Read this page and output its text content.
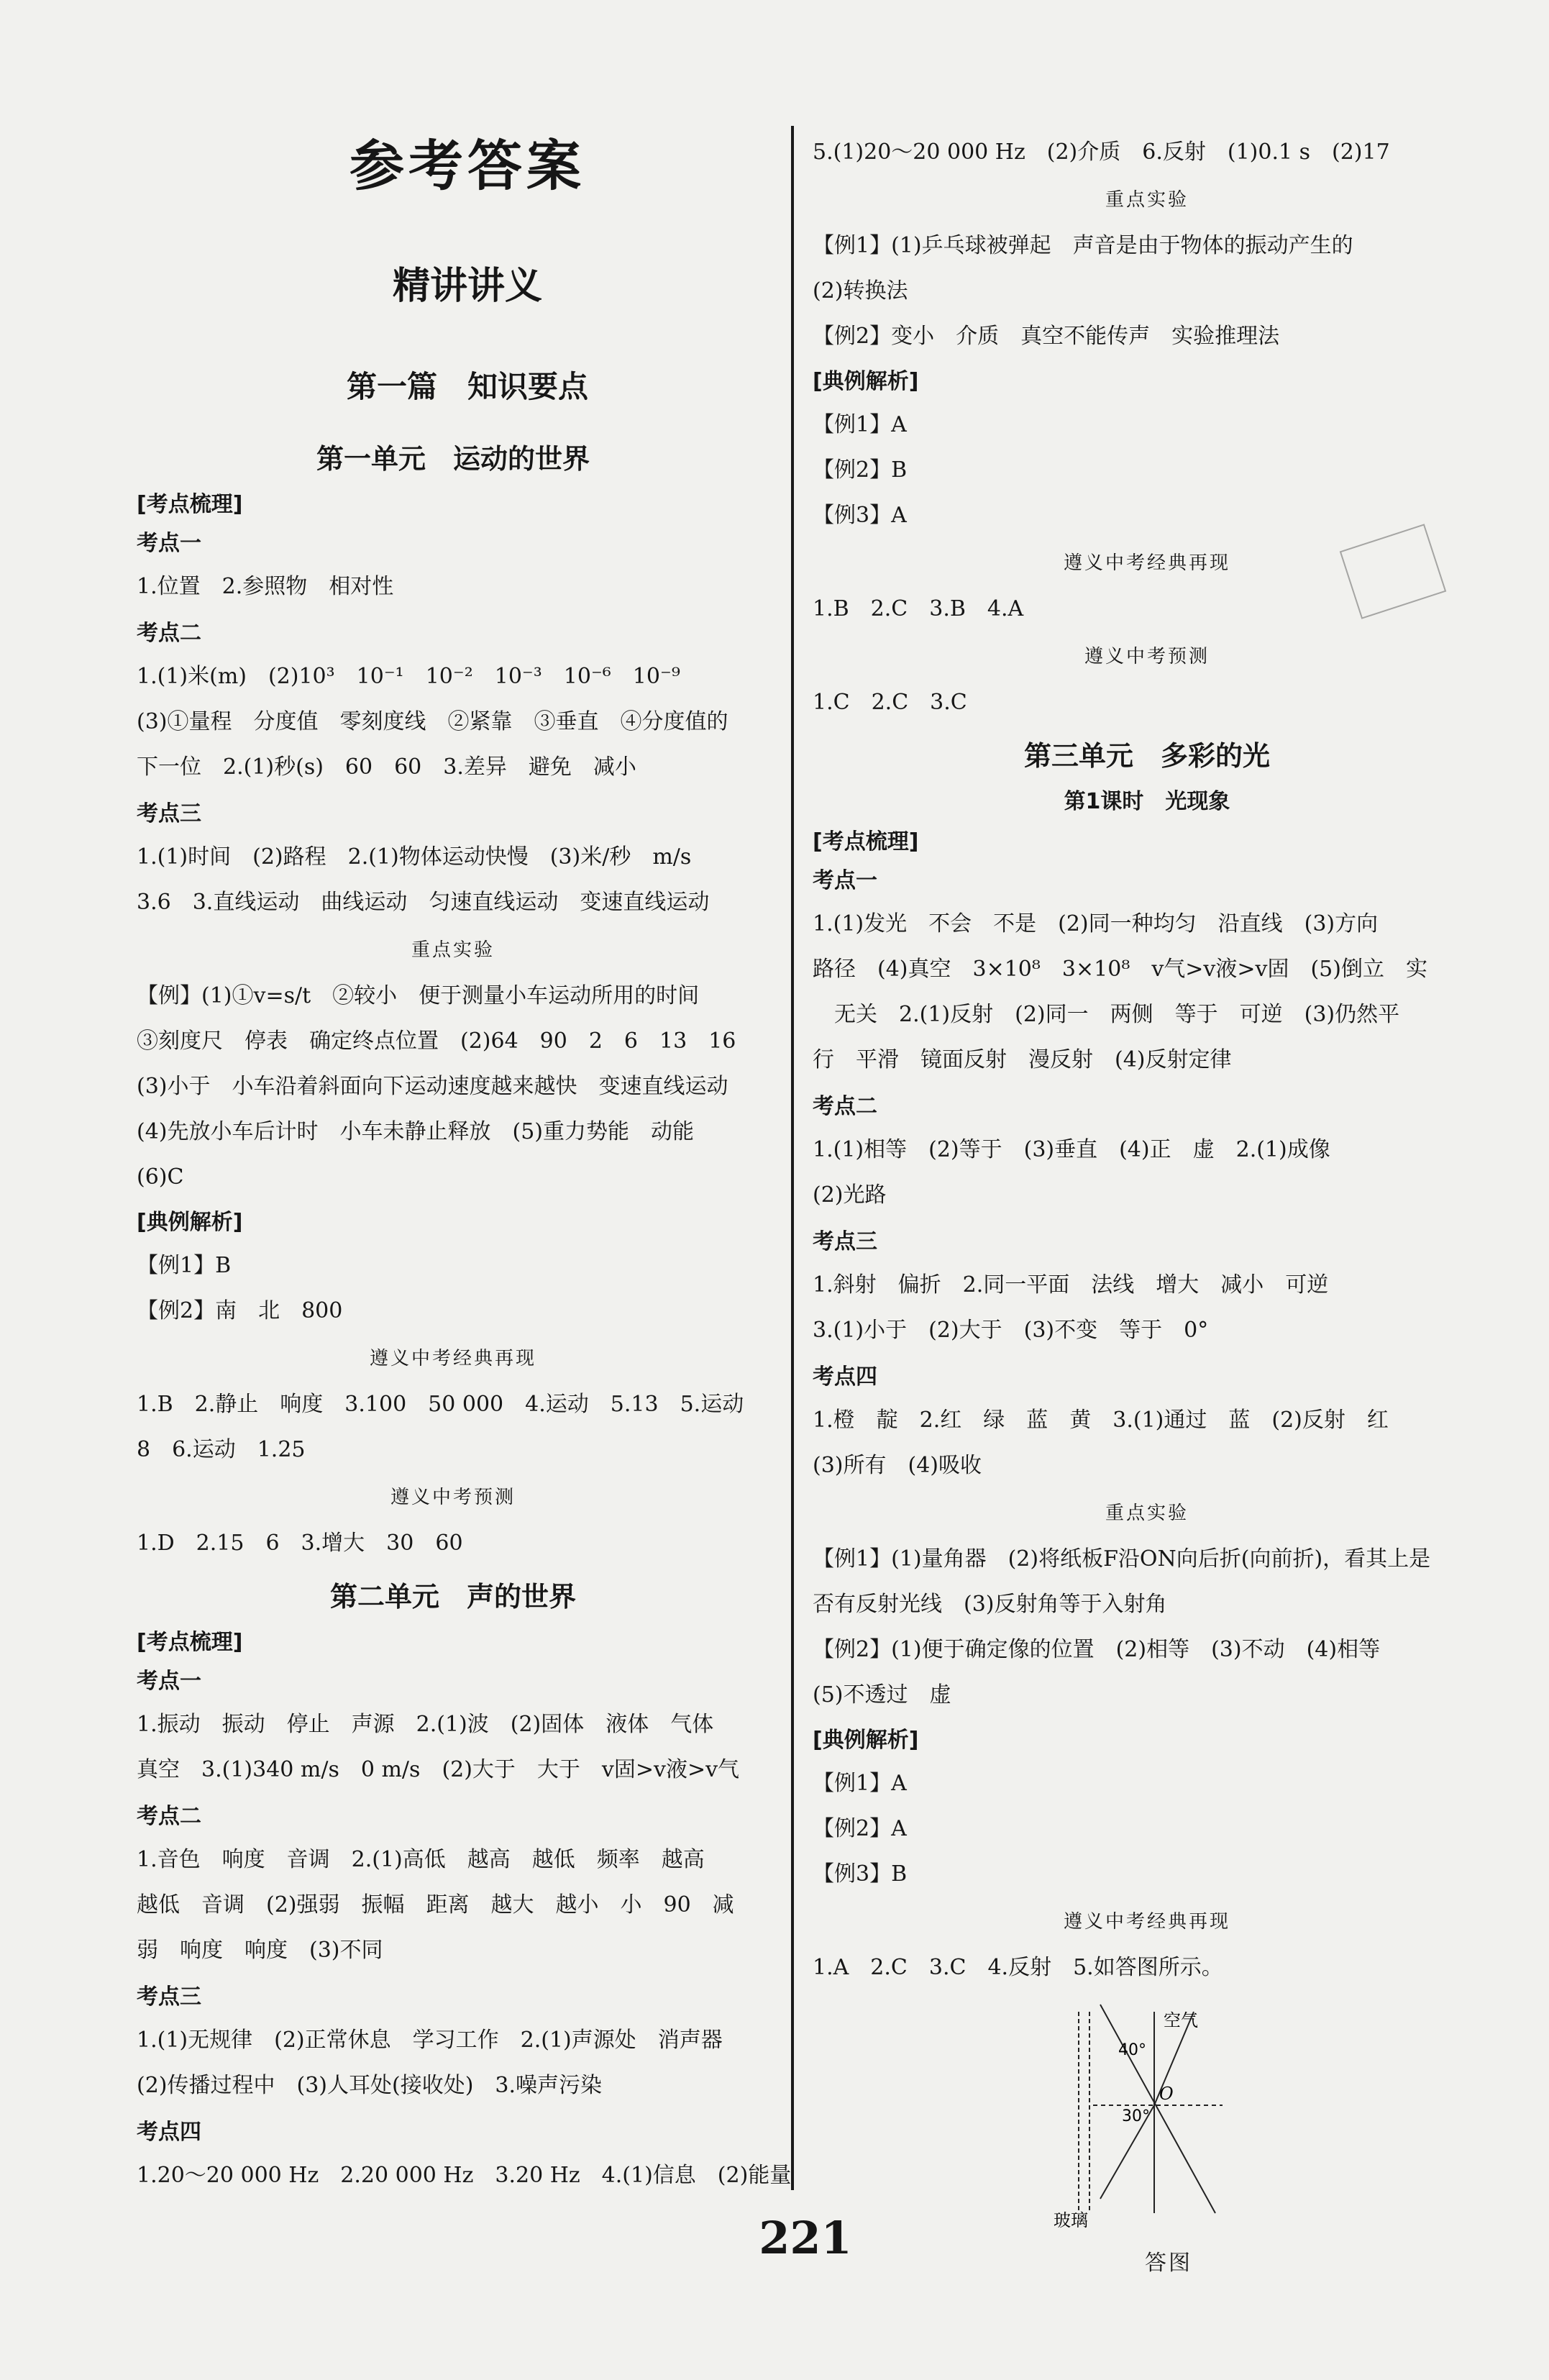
参考答案
精讲讲义
第一篇　知识要点
第一单元　运动的世界
[考点梳理]
考点一
1.位置　2.参照物　相对性
考点二
1.(1)米(m)　(2)10³　10⁻¹　10⁻²　10⁻³　10⁻⁶　10⁻⁹
(3)①量程　分度值　零刻度线　②紧靠　③垂直　④分度值的
下一位　2.(1)秒(s)　60　60　3.差异　避免　减小
考点三
1.(1)时间　(2)路程　2.(1)物体运动快慢　(3)米/秒　m/s
3.6　3.直线运动　曲线运动　匀速直线运动　变速直线运动
重点实验
【例】(1)①v=s/t　②较小　便于测量小车运动所用的时间
③刻度尺　停表　确定终点位置　(2)64　90　2　6　13　16
(3)小于　小车沿着斜面向下运动速度越来越快　变速直线运动
(4)先放小车后计时　小车未静止释放　(5)重力势能　动能
(6)C
[典例解析]
【例1】B
【例2】南　北　800
遵义中考经典再现
1.B　2.静止　响度　3.100　50 000　4.运动　5.13　5.运动
8　6.运动　1.25
遵义中考预测
1.D　2.15　6　3.增大　30　60
第二单元　声的世界
[考点梳理]
考点一
1.振动　振动　停止　声源　2.(1)波　(2)固体　液体　气体
真空　3.(1)340 m/s　0 m/s　(2)大于　大于　v固>v液>v气
考点二
1.音色　响度　音调　2.(1)高低　越高　越低　频率　越高
越低　音调　(2)强弱　振幅　距离　越大　越小　小　90　减
弱　响度　响度　(3)不同
考点三
1.(1)无规律　(2)正常休息　学习工作　2.(1)声源处　消声器
(2)传播过程中　(3)人耳处(接收处)　3.噪声污染
考点四
1.20～20 000 Hz　2.20 000 Hz　3.20 Hz　4.(1)信息　(2)能量
5.(1)20～20 000 Hz　(2)介质　6.反射　(1)0.1 s　(2)17
重点实验
【例1】(1)乒乓球被弹起　声音是由于物体的振动产生的
(2)转换法
【例2】变小　介质　真空不能传声　实验推理法
[典例解析]
【例1】A
【例2】B
【例3】A
遵义中考经典再现
1.B　2.C　3.B　4.A
遵义中考预测
1.C　2.C　3.C
第三单元　多彩的光
第1课时　光现象
[考点梳理]
考点一
1.(1)发光　不会　不是　(2)同一种均匀　沿直线　(3)方向
路径　(4)真空　3×10⁸　3×10⁸　v气>v液>v固　(5)倒立　实
　无关　2.(1)反射　(2)同一　两侧　等于　可逆　(3)仍然平
行　平滑　镜面反射　漫反射　(4)反射定律
考点二
1.(1)相等　(2)等于　(3)垂直　(4)正　虚　2.(1)成像
(2)光路
考点三
1.斜射　偏折　2.同一平面　法线　增大　减小　可逆
3.(1)小于　(2)大于　(3)不变　等于　0°
考点四
1.橙　靛　2.红　绿　蓝　黄　3.(1)通过　蓝　(2)反射　红
(3)所有　(4)吸收
重点实验
【例1】(1)量角器　(2)将纸板F沿ON向后折(向前折)，看其上是
否有反射光线　(3)反射角等于入射角
【例2】(1)便于确定像的位置　(2)相等　(3)不动　(4)相等
(5)不透过　虚
[典例解析]
【例1】A
【例2】A
【例3】B
遵义中考经典再现
1.A　2.C　3.C　4.反射　5.如答图所示。
空气
40°
30°
O
玻璃
答图
221
